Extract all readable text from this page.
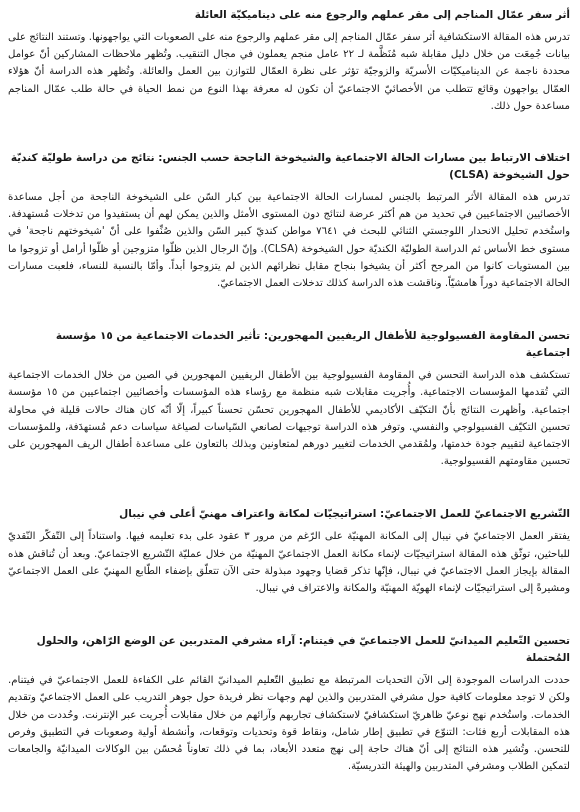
أثر سفر عمّال المناجم إلى مقر عملهم والرجوع منه على ديناميكيّة العائلة

تدرس هذه المقالة الاستكشافية أثر سفر عمّال المناجم إلى مقر عملهم والرجوع منه على الصعوبات التي يواجهونها. وتستند النتائج على بيانات جُمِعَت من خلال دليل مقابلة شبه مُنَظَّمة لـ ٢٢ عامل منجم يعملون في مجال التنقيب. وتُظهر ملاحظات المشاركين أنّ عوامل محددة ناجمة عن الديناميكيّات الأسريّة والزوجيّة تؤثر على نظرة العمّال للتوازن بين العمل والعائلة. وتُظهر هذه الدراسة أنّ هؤلاء العمّال يواجهون وقائع تتطلب من الأخصائيّ الاجتماعيّ أن تكون له معرفة بهذا النوع من نمط الحياة في حالة طلب عمّال المناجم مساعدة حول ذلك.

اختلاف الارتباط بين مسارات الحالة الاجتماعية والشيخوخة الناجحة حسب الجنس: نتائج من دراسة طوليّة كنديّة حول الشيخوخة (CLSA)

تدرس هذه المقالة الأثر المرتبط بالجنس لمسارات الحالة الاجتماعية بين كبار السّن على الشيخوخة الناجحة من أجل مساعدة الأخصائيين الاجتماعيين في تحديد من هم أكثر عرضة لنتائج دون المستوى الأمثل والذين يمكن لهم أن يستفيدوا من تدخلات مُستهدفة. واستُخدم تحليل الانحدار اللوجستي الثنائي للبحث في ٧٦٤١ مواطن كنديّ كبير السّن والذين صُنِّفوا على أنّ 'شيخوختهم ناجحة' في مستوى خط الأساس ثم الدراسة الطوليّة الكنديّة حول الشيخوخة (CLSA). وإنّ الرجال الذين ظلّوا متزوجين أو ظلّوا أرامل أو تزوجوا ما بين المستويات كانوا من المرجح أكثر أن يشيخوا بنجاح مقابل نظرائهم الذين لم يتزوجوا أبداً. وأمّا بالنسبة للنساء، فلعبت مسارات الحالة الاجتماعية دوراً هامشيّاً. وناقشت هذه الدراسة كذلك تدخلات العمل الاجتماعيّ.

تحسن المقاومة الفسيولوجية للأطفال الريفيين المهجورين: تأثير الخدمات الاجتماعية من ١٥ مؤسسة اجتماعية

تستكشف هذه الدراسة التحسن في المقاومة الفسيولوجية بين الأطفال الريفيين المهجورين في الصين من خلال الخدمات الاجتماعية التي تُقدمها المؤسسات الاجتماعية. وأُجريت مقابلات شبه منظمة مع رؤساء هذه المؤسسات وأخصائيين اجتماعيين من ١٥ مؤسسة اجتماعية. وأظهرت النتائج بأنّ التكيّف الأكاديمي للأطفال المهجورين تحسّن تحسناً كبيراً، إلّا أنّه كان هناك حالات قليلة في محاولة تحسين التكيّف الفسيولوجي والنفسي. وتوفر هذه الدراسة توجيهات لصانعي السّياسات لصياغة سياسات دعم مُستهدَفة، وللمؤسسات الاجتماعية لتقييم جودة خدمتها، ولمُقدمي الخدمات لتغيير دورهم لمتعاونين وبذلك بالتعاون على مساعدة أطفال الريف المهجورين على تحسين مقاومتهم الفسيولوجية.

التّشريع الاجتماعيّ للعمل الاجتماعيّ: استراتيجيّات لمكانة واعتراف مهنيّ أعلى في نيبال

يفتقر العمل الاجتماعيّ في نيبال إلى المكانة المهنيّة على الرّغم من مرور ٣ عقود على بدء تعليمه فيها. واستناداً إلى التّفكّر النّقديّ للباحثين، توثّق هذه المقالة استراتيجيّات لإنماء مكانة العمل الاجتماعيّ المهنيّة من خلال عمليّة التّشريع الاجتماعيّ. وبعد أن تُناقش هذه المقالة بإيجاز العمل الاجتماعيّ في نيبال، فإنّها تذكر قضايا وجهود مبذولة حتى الآن تتعلّق بإضفاء الطّابع المهنيّ على العمل الاجتماعيّ ومشيرةً إلى استراتيجيّات لإنماء الهويّة المهنيّة والمكانة والاعتراف في نيبال.

تحسين التّعليم الميدانيّ للعمل الاجتماعيّ في فيتنام: آراء مشرفي المتدربين عن الوضع الرّاهن، والحلول المُحتملة

حددت الدراسات الموجودة إلى الآن التحديات المرتبطة مع تطبيق التّعليم الميدانيّ القائم على الكفاءة للعمل الاجتماعيّ في فيتنام. ولكن لا توجد معلومات كافية حول مشرفي المتدربين والذين لهم وجهات نظر فريدة حول جوهر التدريب على العمل الاجتماعيّ وتقديم الخدمات. واستُخدم نهج نوعيّ ظاهريّ استكشافيّ لاستكشاف تجاربهم وآرائهم من خلال مقابلات أُجريت عبر الإنترنت. وحُددت من خلال هذه المقابلات أربع فئات: التنوّع في تطبيق إطار شامل، ونقاط قوة وتحديات وتوقعات، وأنشطة أولية وصعوبات في التطبيق وفرص للتحسن. وتُشير هذه النتائج إلى أنّ هناك حاجة إلى نهج متعدد الأبعاد، بما في ذلك تعاوناً مُحسّن بين الوكالات الميدانيّة والجامعات لتمكين الطلاب ومشرفي المتدربين والهيئة التدريسيّة.
